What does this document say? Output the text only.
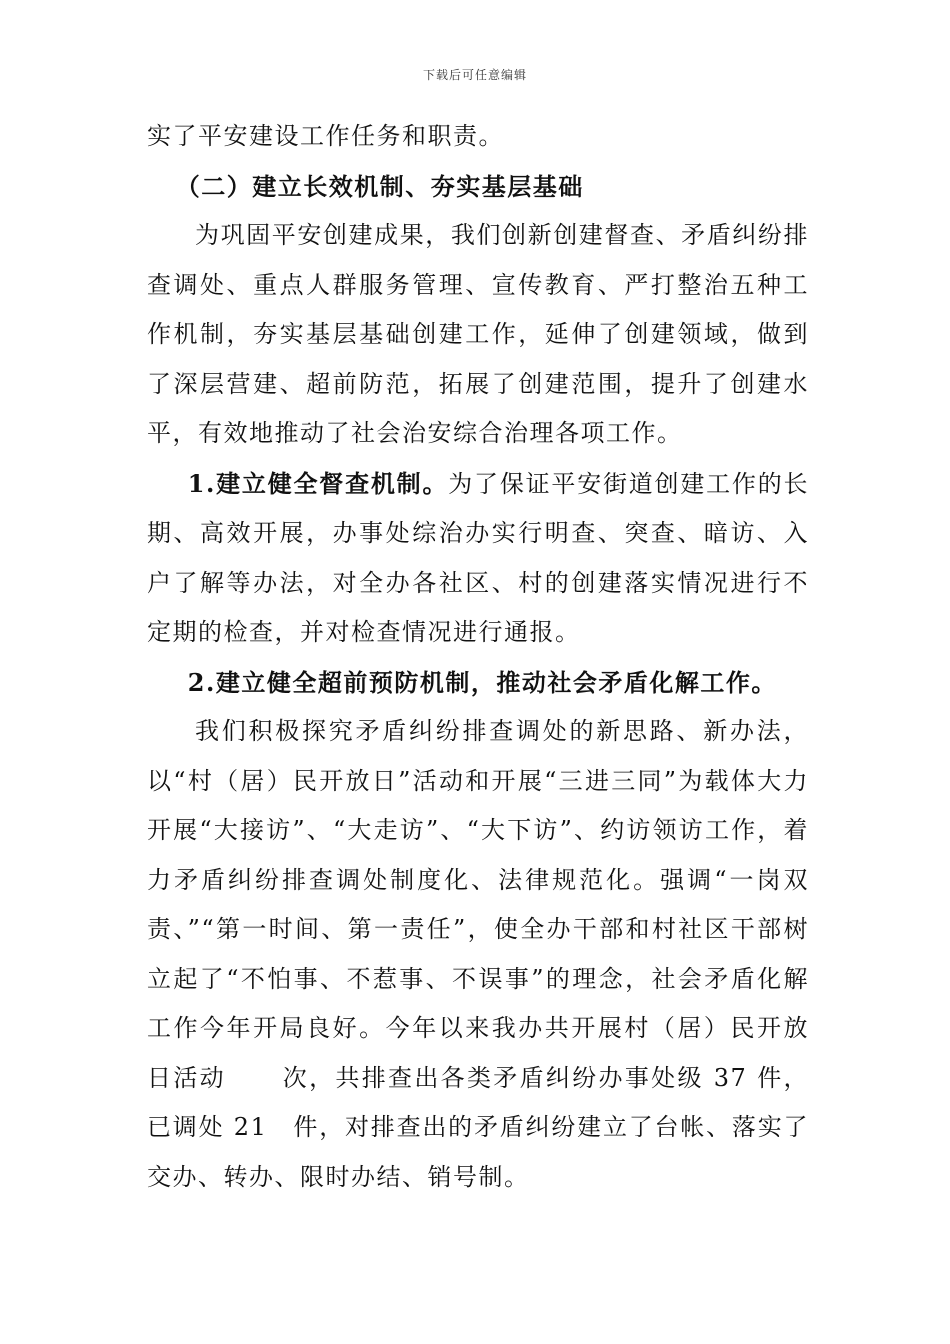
下载后可任意编辑

实了平安建设工作任务和职责。

（二）建立长效机制、夯实基层基础

为巩固平安创建成果，我们创新创建督查、矛盾纠纷排查调处、重点人群服务管理、宣传教育、严打整治五种工作机制，夯实基层基础创建工作，延伸了创建领域，做到了深层营建、超前防范，拓展了创建范围，提升了创建水平，有效地推动了社会治安综合治理各项工作。

1.建立健全督查机制。为了保证平安街道创建工作的长期、高效开展，办事处综治办实行明查、突查、暗访、入户了解等办法，对全办各社区、村的创建落实情况进行不定期的检查，并对检查情况进行通报。

2.建立健全超前预防机制，推动社会矛盾化解工作。

我们积极探究矛盾纠纷排查调处的新思路、新办法，以“村（居）民开放日”活动和开展“三进三同”为载体大力开展“大接访”、“大走访”、“大下访”、约访领访工作，着力矛盾纠纷排查调处制度化、法律规范化。强调“一岗双责、”“第一时间、第一责任”，使全办干部和村社区干部树立起了“不怕事、不惹事、不误事”的理念，社会矛盾化解工作今年开局良好。今年以来我办共开展村（居）民开放日活动 次，共排查出各类矛盾纠纷办事处级 37 件，已调处 21　件，对排查出的矛盾纠纷建立了台帐、落实了交办、转办、限时办结、销号制。
